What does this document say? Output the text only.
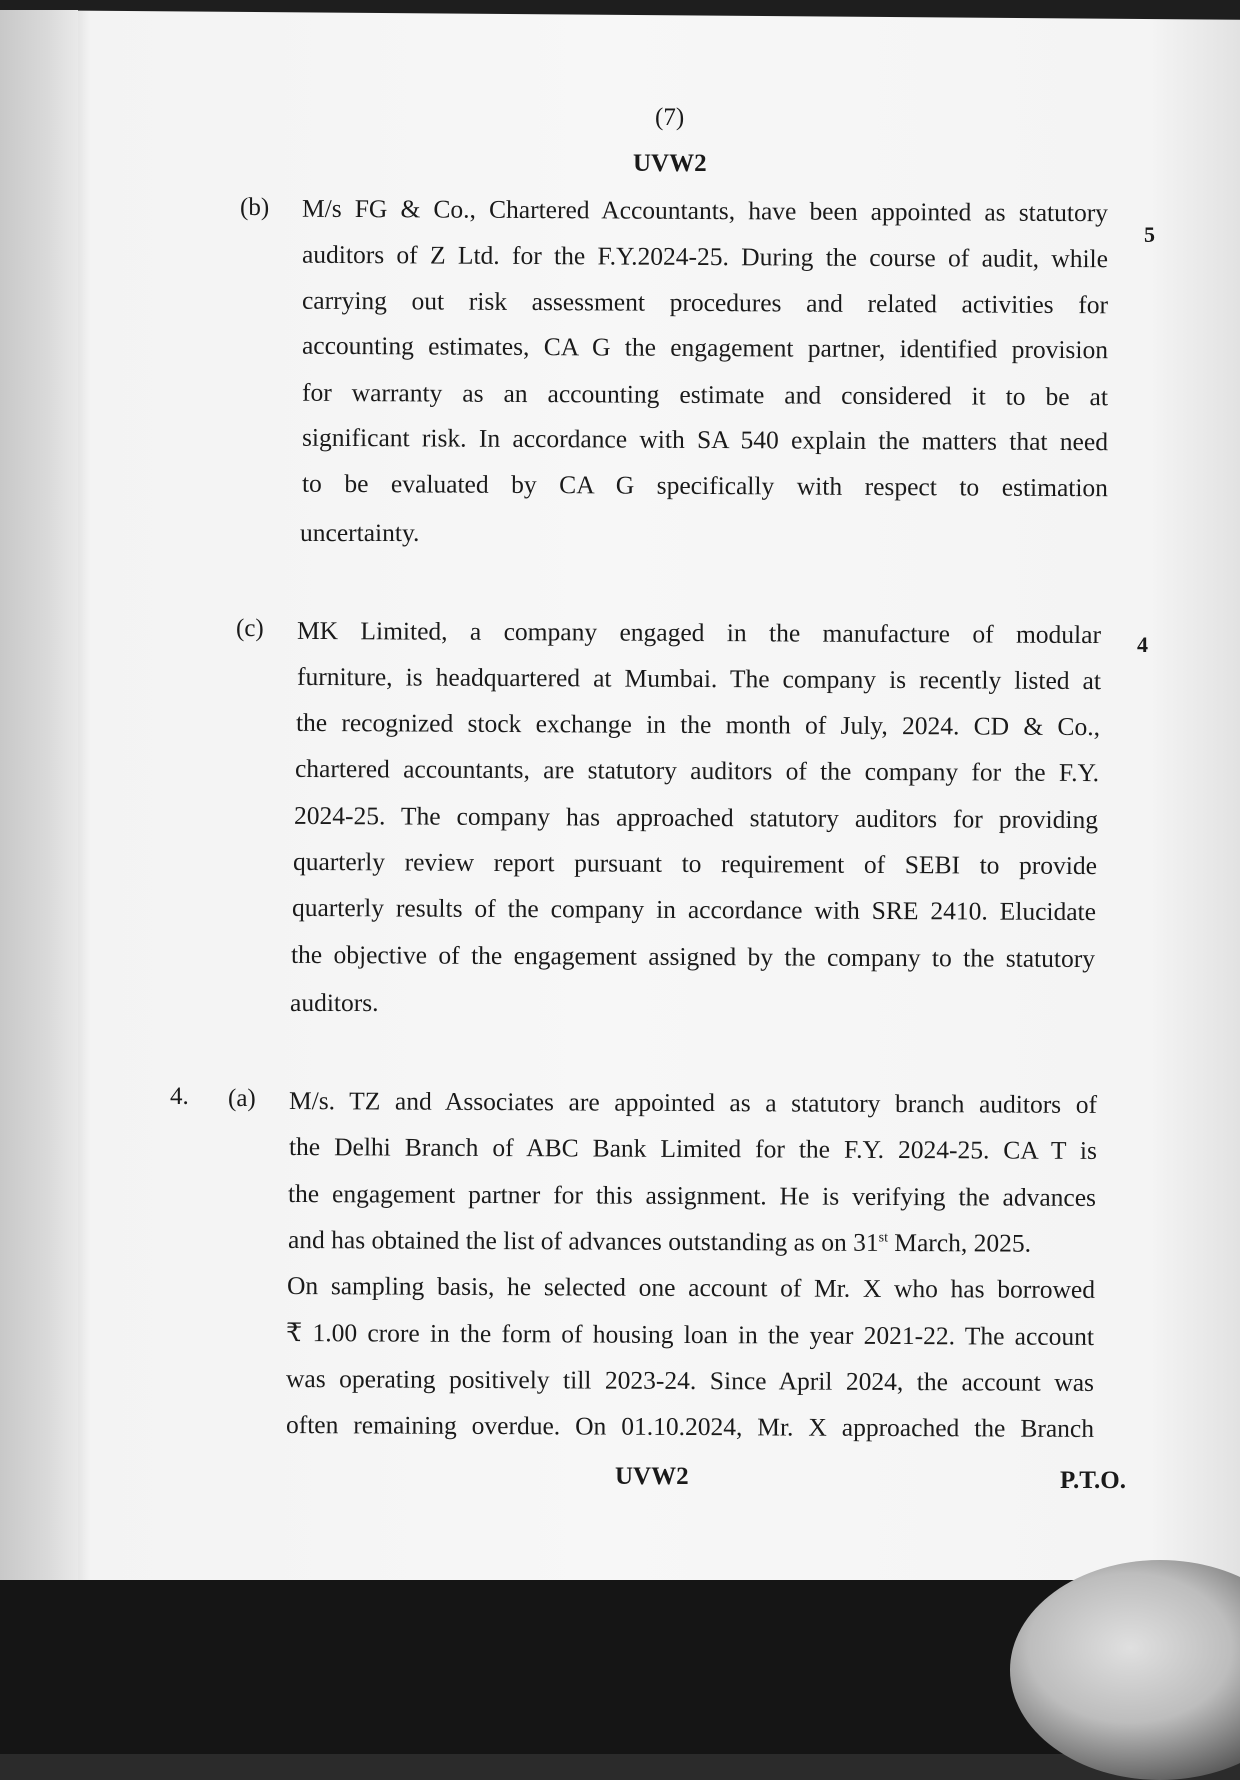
(7)
UVW2
(b)
5
M/s FG & Co., Chartered Accountants, have been appointed as statutory
auditors of Z Ltd. for the F.Y.2024-25. During the course of audit, while
carrying out risk assessment procedures and related activities for
accounting estimates, CA G the engagement partner, identified provision
for warranty as an accounting estimate and considered it to be at
significant risk. In accordance with SA 540 explain the matters that need
to be evaluated by CA G specifically with respect to estimation
uncertainty.
(c)
4
MK Limited, a company engaged in the manufacture of modular
furniture, is headquartered at Mumbai. The company is recently listed at
the recognized stock exchange in the month of July, 2024. CD & Co.,
chartered accountants, are statutory auditors of the company for the F.Y.
2024-25. The company has approached statutory auditors for providing
quarterly review report pursuant to requirement of SEBI to provide
quarterly results of the company in accordance with SRE 2410. Elucidate
the objective of the engagement assigned by the company to the statutory
auditors.
4. (a) M/s. TZ and Associates are appointed as a statutory branch auditors of
the Delhi Branch of ABC Bank Limited for the F.Y. 2024-25. CA T is
the engagement partner for this assignment. He is verifying the advances
and has obtained the list of advances outstanding as on 31st March, 2025.
On sampling basis, he selected one account of Mr. X who has borrowed
₹ 1.00 crore in the form of housing loan in the year 2021-22. The account
was operating positively till 2023-24. Since April 2024, the account was
often remaining overdue. On 01.10.2024, Mr. X approached the Branch
UVW2	P.T.O.
